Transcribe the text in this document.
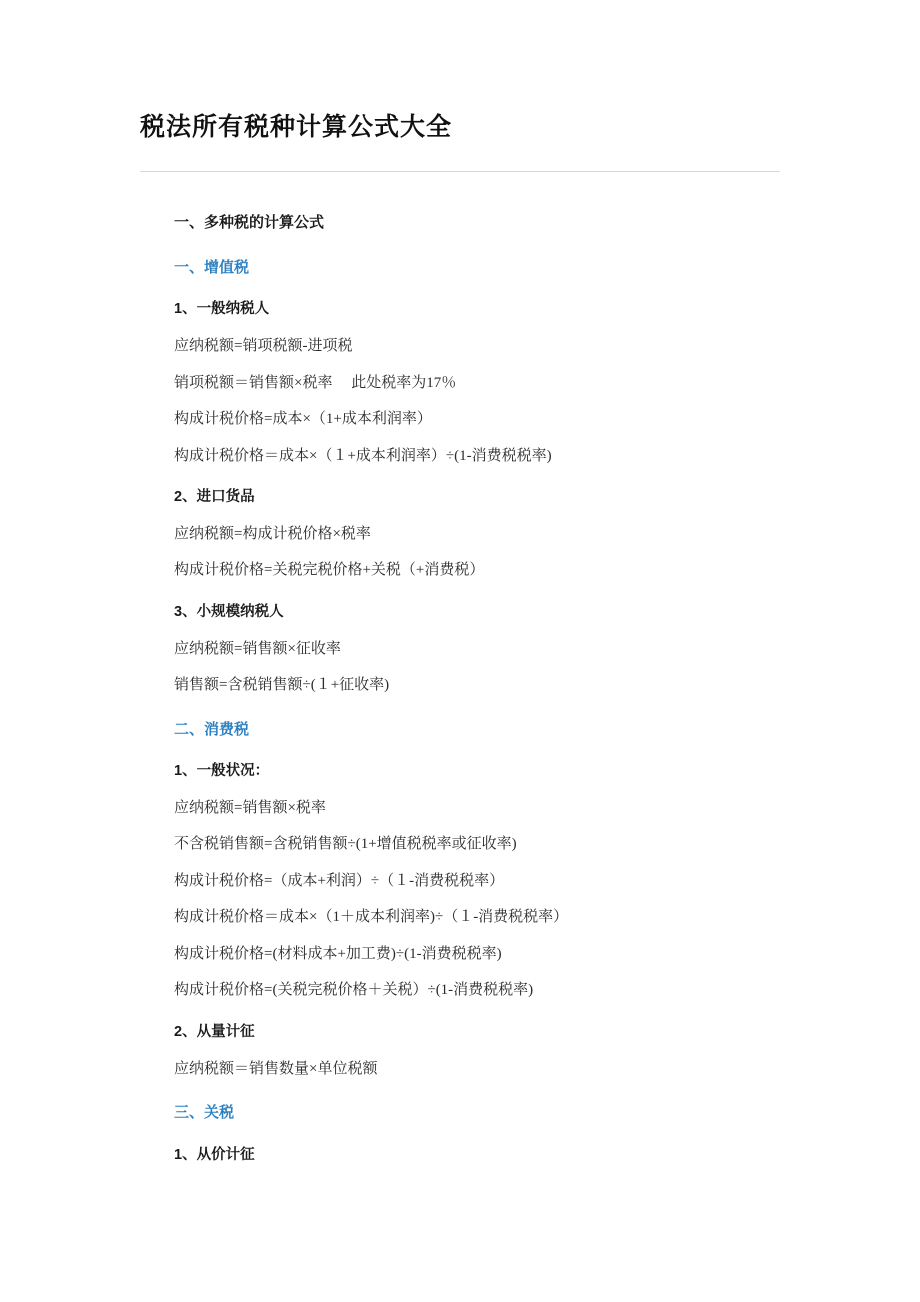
税法所有税种计算公式大全
一、多种税的计算公式
一、增值税
1、一般纳税人
应纳税额=销项税额-进项税
销项税额＝销售额×税率     此处税率为17％
构成计税价格=成本×（1+成本利润率）
构成计税价格＝成本×（１+成本利润率）÷(1-消费税税率)
2、进口货品
应纳税额=构成计税价格×税率
构成计税价格=关税完税价格+关税（+消费税）
3、小规模纳税人
应纳税额=销售额×征收率
销售额=含税销售额÷(１+征收率)
二、消费税
1、一般状况：
应纳税额=销售额×税率
不含税销售额=含税销售额÷(1+增值税税率或征收率)
构成计税价格=（成本+利润）÷（１-消费税税率）
构成计税价格＝成本×（1＋成本利润率)÷（１-消费税税率）
构成计税价格=(材料成本+加工费)÷(1-消费税税率)
构成计税价格=(关税完税价格＋关税）÷(1-消费税税率)
2、从量计征
应纳税额＝销售数量×单位税额
三、关税
1、从价计征
